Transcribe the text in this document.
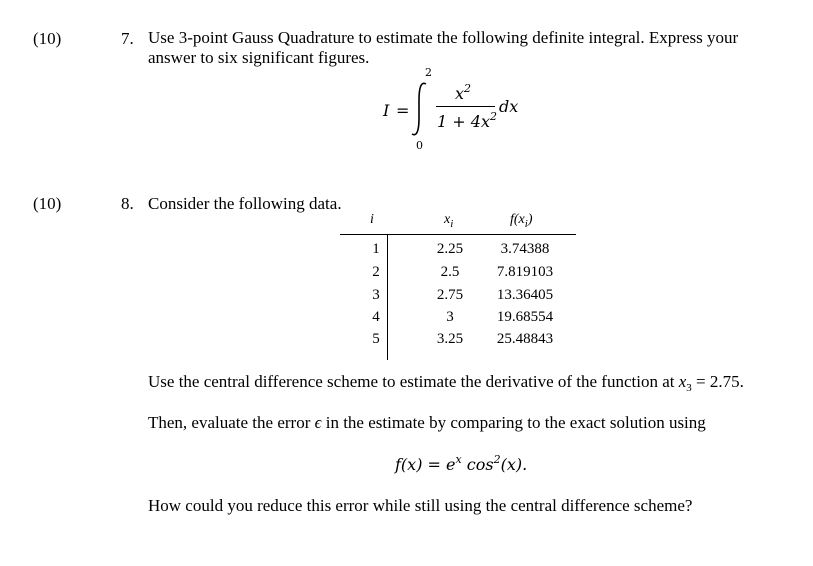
(10)	7. Use 3-point Gauss Quadrature to estimate the following definite integral. Express your
answer to six significant figures.
I =
2
0
$x^2$
$1 + 4x^2$
dx
(10)	8. Consider the following data.
i	$x_i$	$f(x_i)$
1	2.25	3.74388
2	2.5	7.819103
3	2.75	13.36405
4	3	19.68554
5	3.25	25.48843
Use the central difference scheme to estimate the derivative of the function at $x_3 = 2.75$.
Then, evaluate the error ϵ in the estimate by comparing to the exact solution using
$f(x) = e^x$ $\cos^2(x)$.
How could you reduce this error while still using the central difference scheme?
